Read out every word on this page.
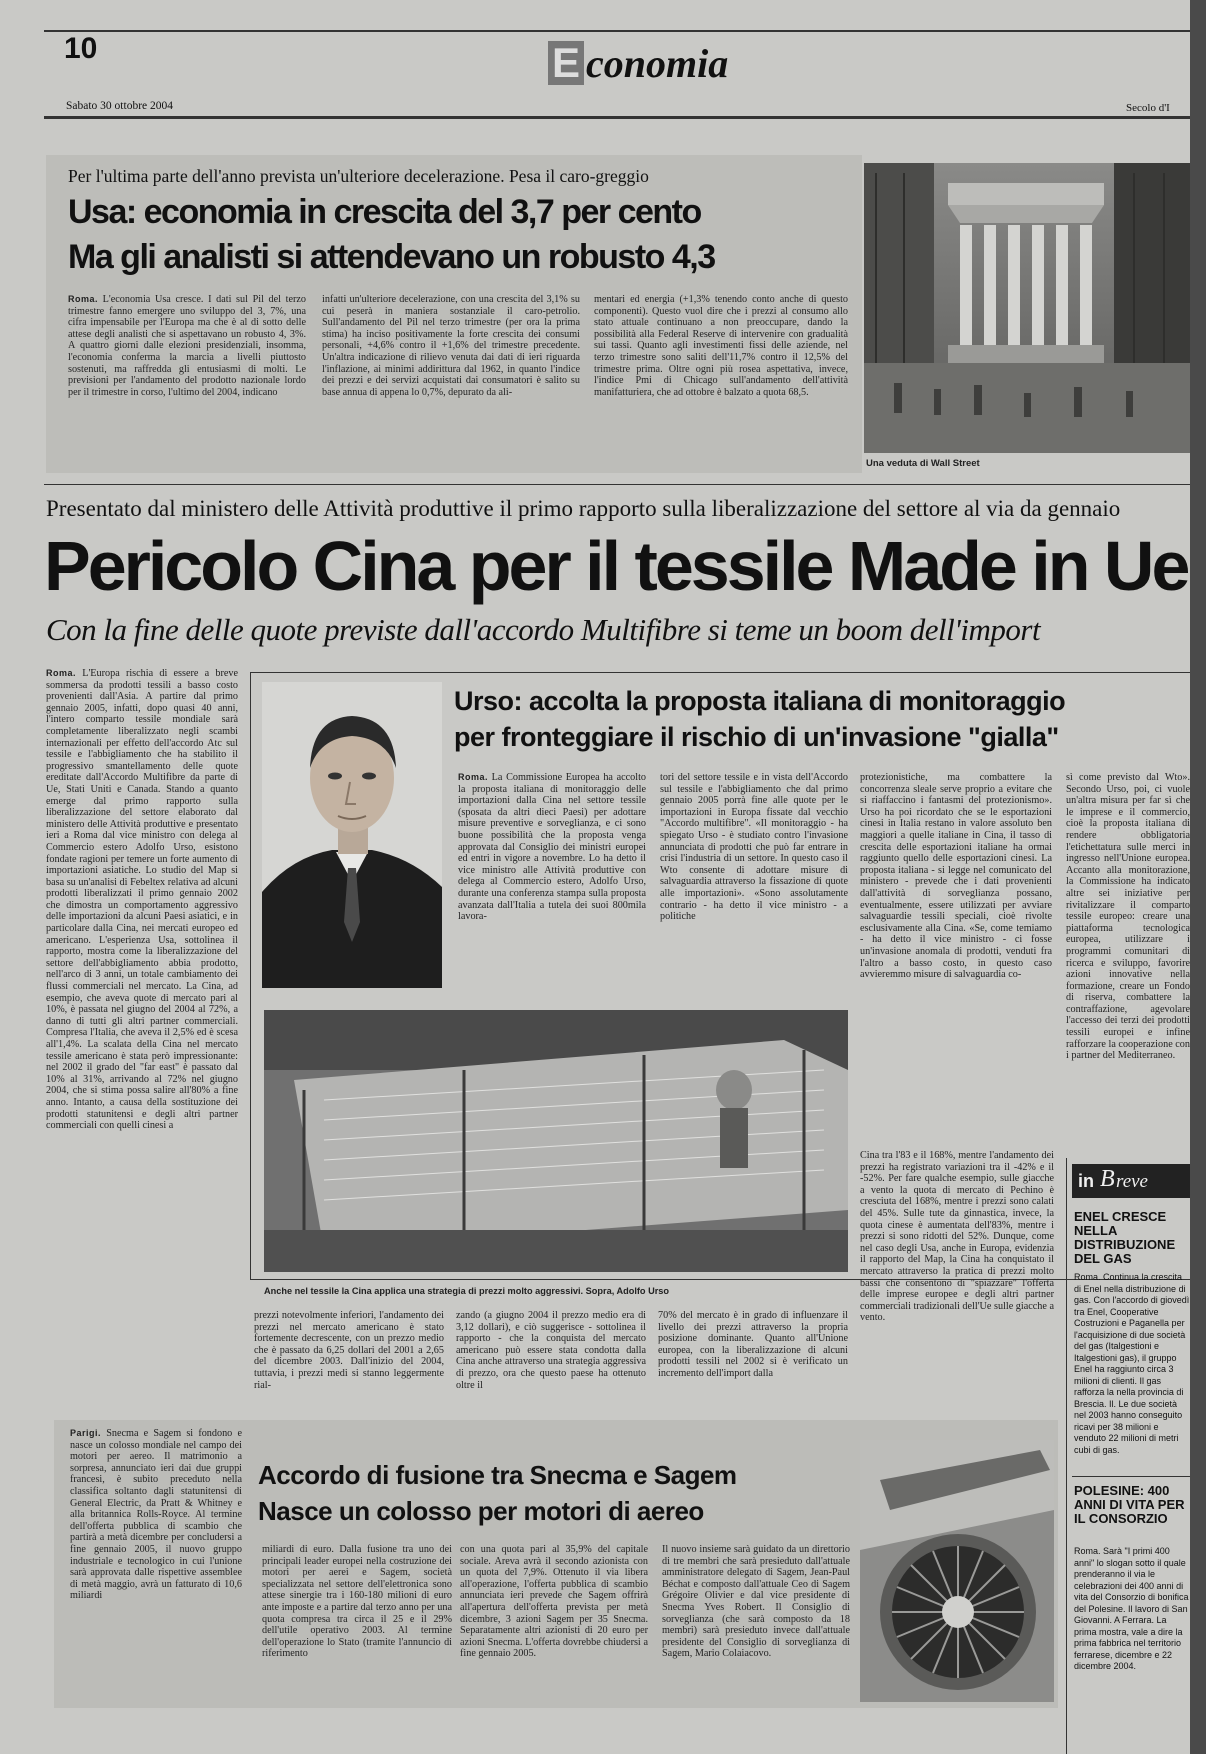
10	E conomia
Sabato 30 ottobre 2004	Secolo d'I
Per l'ultima parte dell'anno prevista un'ulteriore decelerazione. Pesa il caro-greggio
Usa: economia in crescita del 3,7 per cento
Ma gli analisti si attendevano un robusto 4,3
Roma. L'economia Usa cresce. I dati sul Pil del terzo trimestre fanno emergere uno sviluppo del 3, 7%, una cifra impensabile per l'Europa ma che è al di sotto delle attese degli analisti che si aspettavano un robusto 4, 3%. A quattro giorni dalle elezioni presidenziali, insomma, l'economia conferma la marcia a livelli piuttosto sostenuti, ma raffredda gli entusiasmi di molti. Le previsioni per l'andamento del prodotto nazionale lordo per il trimestre in corso, l'ultimo del 2004, indicano
infatti un'ulteriore decelerazione, con una crescita del 3,1% su cui peserà in maniera sostanziale il caro-petrolio. Sull'andamento del Pil nel terzo trimestre (per ora la prima stima) ha inciso positivamente la forte crescita dei consumi personali, +4,6% contro il +1,6% del trimestre precedente. Un'altra indicazione di rilievo venuta dai dati di ieri riguarda l'inflazione, ai minimi addirittura dal 1962, in quanto l'indice dei prezzi e dei servizi acquistati dai consumatori è salito su base annua di appena lo 0,7%, depurato da ali-
mentari ed energia (+1,3% tenendo conto anche di questo componenti). Questo vuol dire che i prezzi al consumo allo stato attuale continuano a non preoccupare, dando la possibilità alla Federal Reserve di intervenire con gradualità sui tassi. Quanto agli investimenti fissi delle aziende, nel terzo trimestre sono saliti dell'11,7% contro il 12,5% del trimestre prima. Oltre ogni più rosea aspettativa, invece, l'indice Pmi di Chicago sull'andamento dell'attività manifatturiera, che ad ottobre è balzato a quota 68,5.
Una veduta di Wall Street
Presentato dal ministero delle Attività produttive il primo rapporto sulla liberalizzazione del settore al via da gennaio
Pericolo Cina per il tessile Made in Ue
Con la fine delle quote previste dall'accordo Multifibre si teme un boom dell'import
Roma. L'Europa rischia di essere a breve sommersa da prodotti tessili a basso costo provenienti dall'Asia. A partire dal primo gennaio 2005, infatti, dopo quasi 40 anni, l'intero comparto tessile mondiale sarà completamente liberalizzato negli scambi internazionali per effetto dell'accordo Atc sul tessile e l'abbigliamento che ha stabilito il progressivo smantellamento delle quote ereditate dall'Accordo Multifibre da parte di Ue, Stati Uniti e Canada. Stando a quanto emerge dal primo rapporto sulla liberalizzazione del settore elaborato dal ministero delle Attività produttive e presentato ieri a Roma dal vice ministro con delega al Commercio estero Adolfo Urso, esistono fondate ragioni per temere un forte aumento di importazioni asiatiche. Lo studio del Map si basa su un'analisi di Febeltex relativa ad alcuni prodotti liberalizzati il primo gennaio 2002 che dimostra un comportamento aggressivo delle importazioni da alcuni Paesi asiatici, e in particolare dalla Cina, nei mercati europeo ed americano. L'esperienza Usa, sottolinea il rapporto, mostra come la liberalizzazione del settore dell'abbigliamento abbia prodotto, nell'arco di 3 anni, un totale cambiamento dei flussi commerciali nel mercato. La Cina, ad esempio, che aveva quote di mercato pari al 10%, è passata nel giugno del 2004 al 72%, a danno di tutti gli altri partner commerciali. Compresa l'Italia, che aveva il 2,5% ed è scesa all'1,4%. La scalata della Cina nel mercato tessile americano è stata però impressionante: nel 2002 il grado del "far east" è passato dal 10% al 31%, arrivando al 72% nel giugno 2004, che si stima possa salire all'80% a fine anno. Intanto, a causa della sostituzione dei prodotti statunitensi e degli altri partner commerciali con quelli cinesi a
Urso: accolta la proposta italiana di monitoraggio
per fronteggiare il rischio di un'invasione "gialla"
Roma. La Commissione Europea ha accolto la proposta italiana di monitoraggio delle importazioni dalla Cina nel settore tessile (sposata da altri dieci Paesi) per adottare misure preventive e sorveglianza, e ci sono buone possibilità che la proposta venga approvata dal Consiglio dei ministri europei ed entri in vigore a novembre. Lo ha detto il vice ministro alle Attività produttive con delega al Commercio estero, Adolfo Urso, durante una conferenza stampa sulla proposta avanzata dall'Italia a tutela dei suoi 800mila lavora-
tori del settore tessile e in vista dell'Accordo sul tessile e l'abbigliamento che dal primo gennaio 2005 porrà fine alle quote per le importazioni in Europa fissate dal vecchio "Accordo multifibre". «Il monitoraggio - ha spiegato Urso - è studiato contro l'invasione annunciata di prodotti che può far entrare in crisi l'industria di un settore. In questo caso il Wto consente di adottare misure di salvaguardia attraverso la fissazione di quote alle importazioni». «Sono assolutamente contrario - ha detto il vice ministro - a politiche
protezionistiche, ma combattere la concorrenza sleale serve proprio a evitare che si riaffaccino i fantasmi del protezionismo». Urso ha poi ricordato che se le esportazioni cinesi in Italia restano in valore assoluto ben maggiori a quelle italiane in Cina, il tasso di crescita delle esportazioni italiane ha ormai raggiunto quello delle esportazioni cinesi. La proposta italiana - si legge nel comunicato del ministero - prevede che i dati provenienti dall'attività di sorveglianza possano, eventualmente, essere utilizzati per avviare salvaguardie tessili speciali, cioè rivolte esclusivamente alla Cina. «Se, come temiamo - ha detto il vice ministro - ci fosse un'invasione anomala di prodotti, venduti fra l'altro a basso costo, in questo caso avvieremmo misure di salvaguardia co-
sì come previsto dal Wto». Secondo Urso, poi, ci vuole un'altra misura per far sì che le imprese e il commercio, cioè la proposta italiana di rendere obbligatoria l'etichettatura sulle merci in ingresso nell'Unione europea. Accanto alla monitorazione, la Commissione ha indicato altre sei iniziative per rivitalizzare il comparto tessile europeo: creare una piattaforma tecnologica europea, utilizzare i programmi comunitari di ricerca e sviluppo, favorire azioni innovative nella formazione, creare un Fondo di riserva, combattere la contraffazione, agevolare l'accesso dei terzi dei prodotti tessili europei e infine rafforzare la cooperazione con i partner del Mediterraneo.
Anche nel tessile la Cina applica una strategia di prezzi molto aggressivi. Sopra, Adolfo Urso
Cina tra l'83 e il 168%, mentre l'andamento dei prezzi ha registrato variazioni tra il -42% e il -52%. Per fare qualche esempio, sulle giacche a vento la quota di mercato di Pechino è cresciuta del 168%, mentre i prezzi sono calati del 45%. Sulle tute da ginnastica, invece, la quota cinese è aumentata dell'83%, mentre i prezzi si sono ridotti del 52%. Dunque, come nel caso degli Usa, anche in Europa, evidenzia il rapporto del Map, la Cina ha conquistato il mercato attraverso la pratica di prezzi molto bassi che consentono di "spiazzare" l'offerta delle imprese europee e degli altri partner commerciali tradizionali dell'Ue sulle giacche a vento.
prezzi notevolmente inferiori, l'andamento dei prezzi nel mercato americano è stato fortemente decrescente, con un prezzo medio che è passato da 6,25 dollari del 2001 a 2,65 del dicembre 2003. Dall'inizio del 2004, tuttavia, i prezzi medi si stanno leggermente rial-
zando (a giugno 2004 il prezzo medio era di 3,12 dollari), e ciò suggerisce - sottolinea il rapporto - che la conquista del mercato americano può essere stata condotta dalla Cina anche attraverso una strategia aggressiva di prezzo, ora che questo paese ha ottenuto oltre il
70% del mercato è in grado di influenzare il livello dei prezzi attraverso la propria posizione dominante. Quanto all'Unione europea, con la liberalizzazione di alcuni prodotti tessili nel 2002 si è verificato un incremento dell'import dalla
in B reve
ENEL CRESCE NELLA DISTRIBUZIONE DEL GAS
Roma. Continua la crescita di Enel nella distribuzione di gas. Con l'accordo di giovedì tra Enel, Cooperative Costruzioni e Paganella per l'acquisizione di due società del gas (Italgestioni e Italgestioni gas), il gruppo Enel ha raggiunto circa 3 milioni di clienti. Il gas rafforza la nella provincia di Brescia. Il. Le due società nel 2003 hanno conseguito ricavi per 38 milioni e venduto 22 milioni di metri cubi di gas.
POLESINE: 400 ANNI DI VITA PER IL CONSORZIO
Roma. Sarà "I primi 400 anni" lo slogan sotto il quale prenderanno il via le celebrazioni dei 400 anni di vita del Consorzio di bonifica del Polesine. Il lavoro di San Giovanni. A Ferrara. La prima mostra, vale a dire la prima fabbrica nel territorio ferrarese, dicembre e 22 dicembre 2004.
Parigi. Snecma e Sagem si fondono e nasce un colosso mondiale nel campo dei motori per aereo. Il matrimonio a sorpresa, annunciato ieri dai due gruppi francesi, è subito preceduto nella classifica soltanto dagli statunitensi di General Electric, da Pratt & Whitney e alla britannica Rolls-Royce. Al termine dell'offerta pubblica di scambio che partirà a metà dicembre per concludersi a fine gennaio 2005, il nuovo gruppo industriale e tecnologico in cui l'unione sarà approvata dalle rispettive assemblee di metà maggio, avrà un fatturato di 10,6 miliardi
Accordo di fusione tra Snecma e Sagem
Nasce un colosso per motori di aereo
miliardi di euro. Dalla fusione tra uno dei principali leader europei nella costruzione dei motori per aerei e Sagem, società specializzata nel settore dell'elettronica sono attese sinergie tra i 160-180 milioni di euro ante imposte e a partire dal terzo anno per una quota compresa tra circa il 25 e il 29% dell'utile operativo 2003. Al termine dell'operazione lo Stato (tramite l'annuncio di riferimento
con una quota pari al 35,9% del capitale sociale. Areva avrà il secondo azionista con un quota del 7,9%. Ottenuto il via libera all'operazione, l'offerta pubblica di scambio annunciata ieri prevede che Sagem offrirà all'apertura dell'offerta prevista per metà dicembre, 3 azioni Sagem per 35 Snecma. Separatamente altri azionisti di 20 euro per azioni Snecma. L'offerta dovrebbe chiudersi a fine gennaio 2005.
Il nuovo insieme sarà guidato da un direttorio di tre membri che sarà presieduto dall'attuale amministratore delegato di Sagem, Jean-Paul Béchat e composto dall'attuale Ceo di Sagem Grégoire Olivier e dal vice presidente di Snecma Yves Robert. Il Consiglio di sorveglianza (che sarà composto da 18 membri) sarà presieduto invece dall'attuale presidente del Consiglio di sorveglianza di Sagem, Mario Colaiacovo.
